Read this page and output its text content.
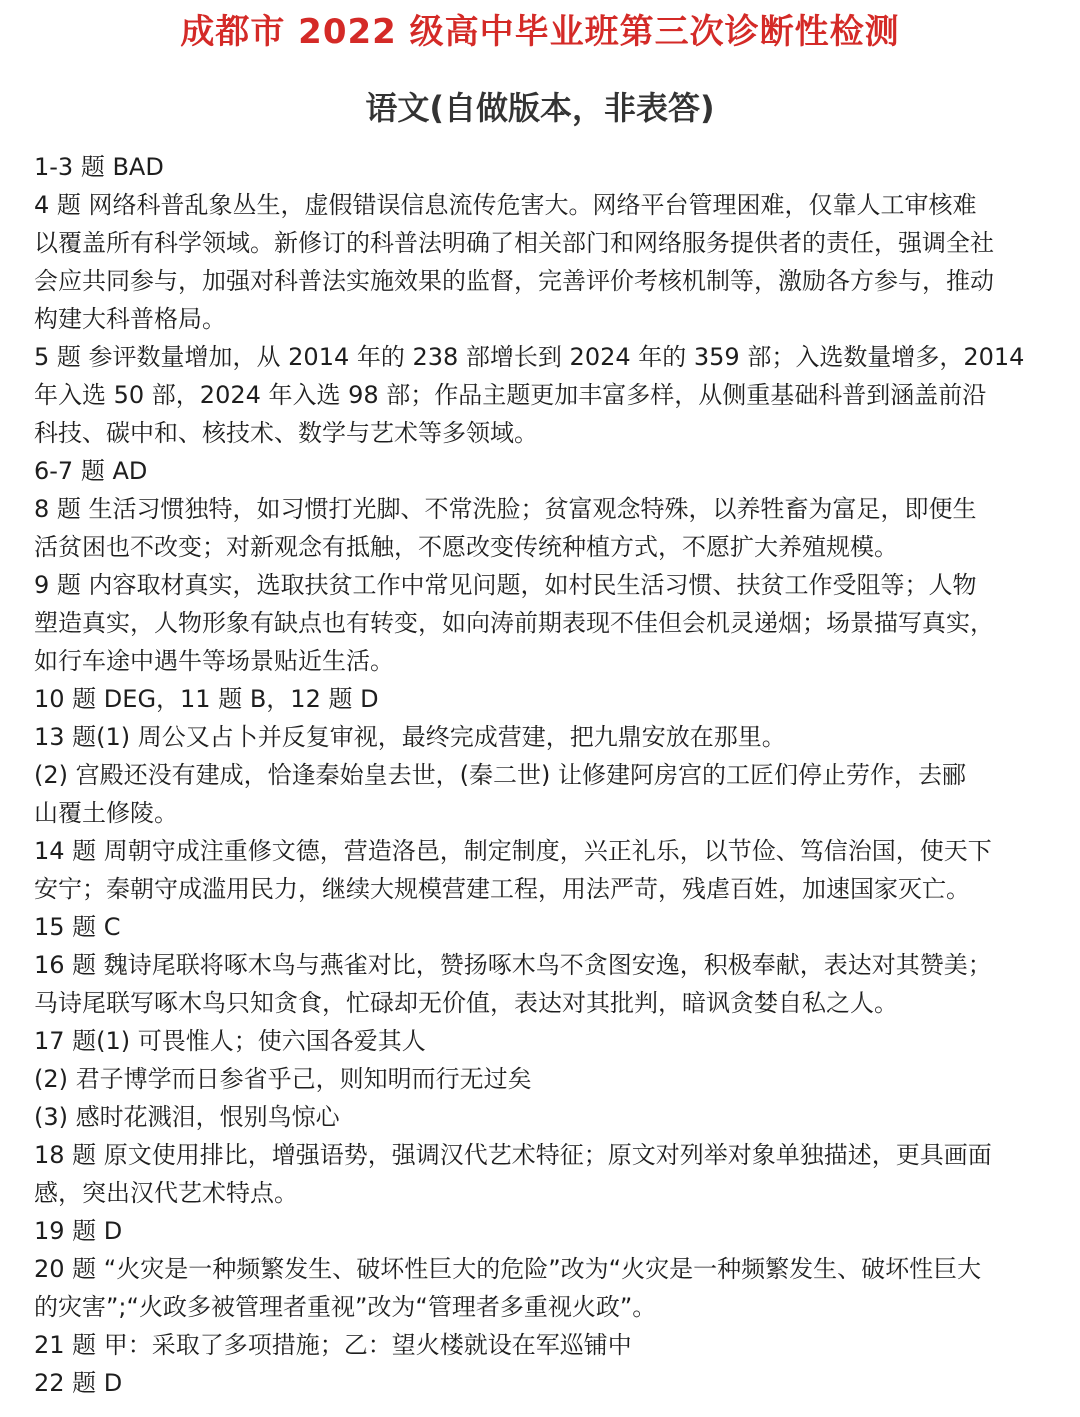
成都市 2022 级高中毕业班第三次诊断性检测
语文(自做版本，非表答)
1-3 题 BAD
4 题 网络科普乱象丛生，虚假错误信息流传危害大。网络平台管理困难，仅靠人工审核难
以覆盖所有科学领域。新修订的科普法明确了相关部门和网络服务提供者的责任，强调全社
会应共同参与，加强对科普法实施效果的监督，完善评价考核机制等，激励各方参与，推动
构建大科普格局。
5 题 参评数量增加，从 2014 年的 238 部增长到 2024 年的 359 部；入选数量增多，2014
年入选 50 部，2024 年入选 98 部；作品主题更加丰富多样，从侧重基础科普到涵盖前沿
科技、碳中和、核技术、数学与艺术等多领域。
6-7 题 AD
8 题 生活习惯独特，如习惯打光脚、不常洗脸；贫富观念特殊，以养牲畜为富足，即便生
活贫困也不改变；对新观念有抵触，不愿改变传统种植方式，不愿扩大养殖规模。
9 题 内容取材真实，选取扶贫工作中常见问题，如村民生活习惯、扶贫工作受阻等；人物
塑造真实，人物形象有缺点也有转变，如向涛前期表现不佳但会机灵递烟；场景描写真实，
如行车途中遇牛等场景贴近生活。
10 题 DEG，11 题 B，12 题 D
13 题(1) 周公又占卜并反复审视，最终完成营建，把九鼎安放在那里。
(2) 宫殿还没有建成，恰逢秦始皇去世，(秦二世) 让修建阿房宫的工匠们停止劳作，去郦
山覆土修陵。
14 题 周朝守成注重修文德，营造洛邑，制定制度，兴正礼乐，以节俭、笃信治国，使天下
安宁；秦朝守成滥用民力，继续大规模营建工程，用法严苛，残虐百姓，加速国家灭亡。
15 题 C
16 题 魏诗尾联将啄木鸟与燕雀对比，赞扬啄木鸟不贪图安逸，积极奉献，表达对其赞美；
马诗尾联写啄木鸟只知贪食，忙碌却无价值，表达对其批判，暗讽贪婪自私之人。
17 题(1) 可畏惟人；使六国各爱其人
(2) 君子博学而日参省乎己，则知明而行无过矣
(3) 感时花溅泪，恨别鸟惊心
18 题 原文使用排比，增强语势，强调汉代艺术特征；原文对列举对象单独描述，更具画面
感，突出汉代艺术特点。
19 题 D
20 题 “火灾是一种频繁发生、破坏性巨大的危险”改为“火灾是一种频繁发生、破坏性巨大
的灾害”;“火政多被管理者重视”改为“管理者多重视火政”。
21 题 甲：采取了多项措施；乙：望火楼就设在军巡铺中
22 题 D
